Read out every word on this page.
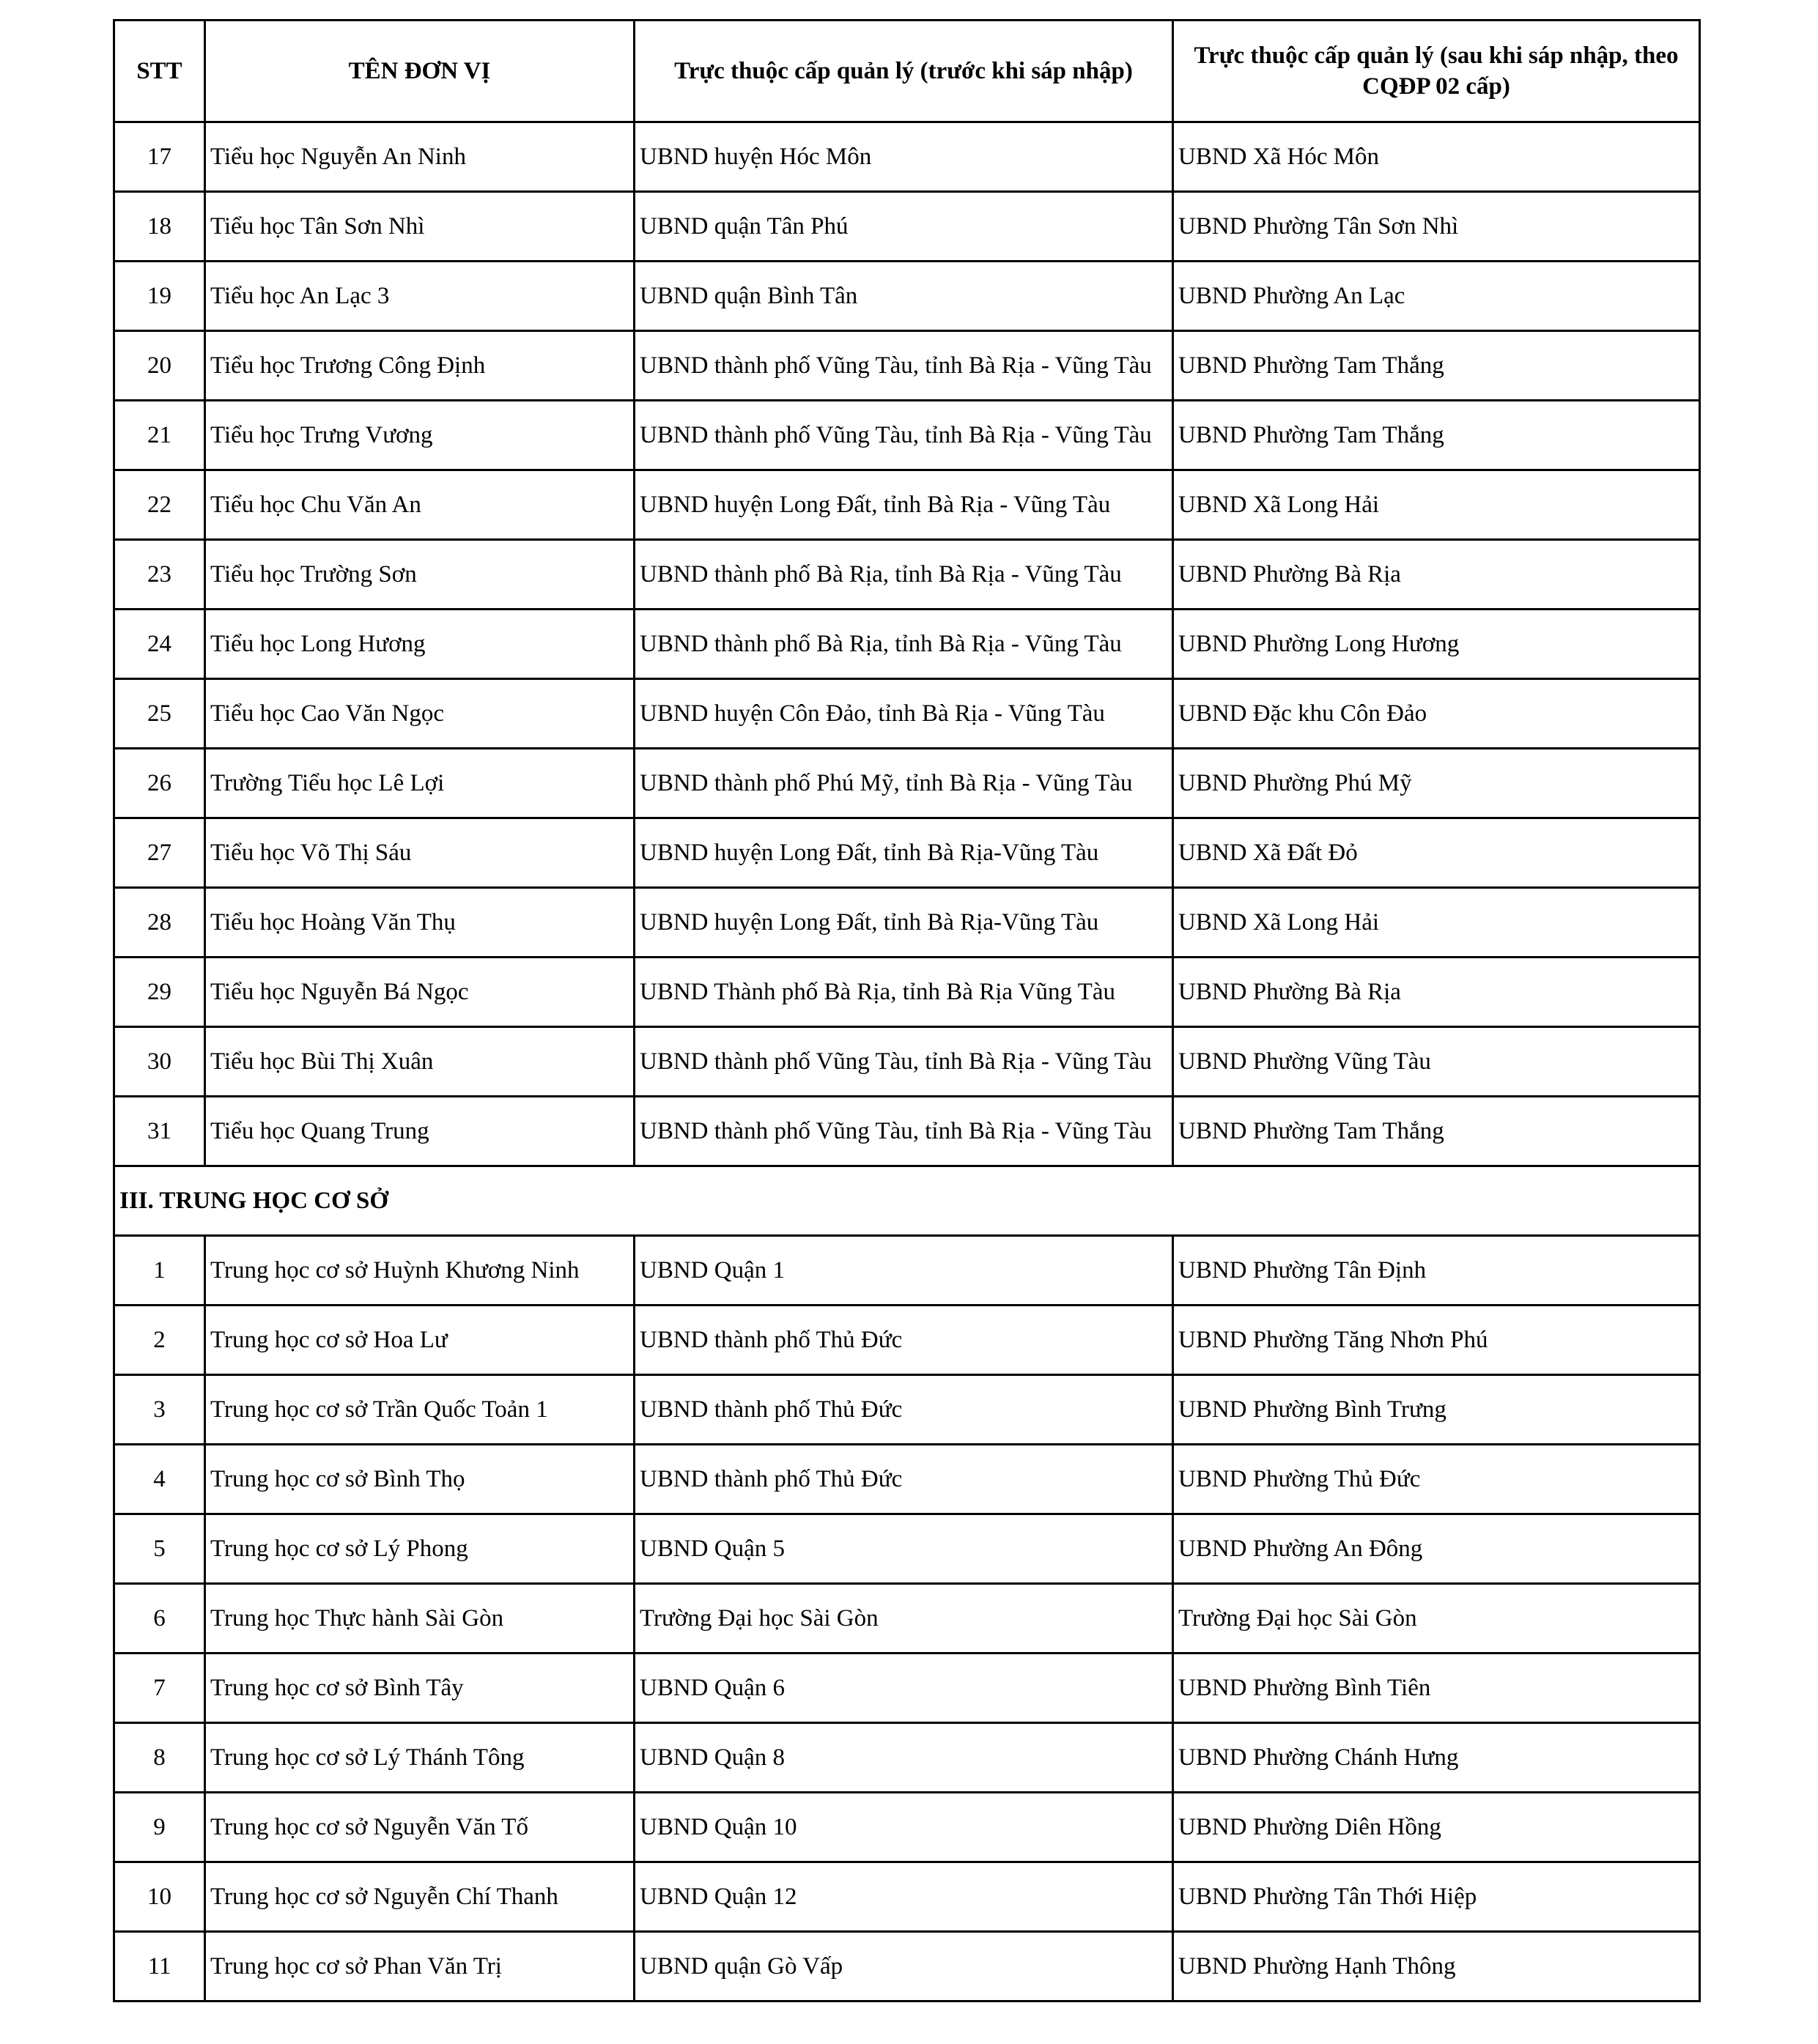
STT	TÊN ĐƠN VỊ	Trực thuộc cấp quản lý (trước khi sáp nhập)	Trực thuộc cấp quản lý (sau khi sáp nhập, theo CQĐP 02 cấp)
17	Tiểu học Nguyễn An Ninh	UBND huyện Hóc Môn	UBND Xã Hóc Môn
18	Tiểu học Tân Sơn Nhì	UBND quận Tân Phú	UBND Phường Tân Sơn Nhì
19	Tiểu học An Lạc 3	UBND quận Bình Tân	UBND Phường An Lạc
20	Tiểu học Trương Công Định	UBND thành phố Vũng Tàu, tỉnh Bà Rịa - Vũng Tàu	UBND Phường Tam Thắng
21	Tiểu học Trưng Vương	UBND thành phố Vũng Tàu, tỉnh Bà Rịa - Vũng Tàu	UBND Phường Tam Thắng
22	Tiểu học Chu Văn An	UBND huyện Long Đất, tỉnh Bà Rịa - Vũng Tàu	UBND Xã Long Hải
23	Tiểu học Trường Sơn	UBND thành phố Bà Rịa, tỉnh Bà Rịa - Vũng Tàu	UBND Phường Bà Rịa
24	Tiểu học Long Hương	UBND thành phố Bà Rịa, tỉnh Bà Rịa - Vũng Tàu	UBND Phường Long Hương
25	Tiểu học Cao Văn Ngọc	UBND huyện Côn Đảo, tỉnh Bà Rịa - Vũng Tàu	UBND Đặc khu Côn Đảo
26	Trường Tiểu học Lê Lợi	UBND thành phố Phú Mỹ, tỉnh Bà Rịa - Vũng Tàu	UBND Phường Phú Mỹ
27	Tiểu học Võ Thị Sáu	UBND huyện Long Đất, tỉnh Bà Rịa-Vũng Tàu	UBND Xã Đất Đỏ
28	Tiểu học Hoàng Văn Thụ	UBND huyện Long Đất, tỉnh Bà Rịa-Vũng Tàu	UBND Xã Long Hải
29	Tiểu học Nguyễn Bá Ngọc	UBND Thành phố Bà Rịa, tỉnh Bà Rịa Vũng Tàu	UBND Phường Bà Rịa
30	Tiểu học Bùi Thị Xuân	UBND thành phố Vũng Tàu, tỉnh Bà Rịa - Vũng Tàu	UBND Phường Vũng Tàu
31	Tiểu học Quang Trung	UBND thành phố Vũng Tàu, tỉnh Bà Rịa - Vũng Tàu	UBND Phường Tam Thắng
III. TRUNG HỌC CƠ SỞ			
1	Trung học cơ sở Huỳnh Khương Ninh	UBND Quận 1	UBND Phường Tân Định
2	Trung học cơ sở Hoa Lư	UBND thành phố Thủ Đức	UBND Phường Tăng Nhơn Phú
3	Trung học cơ sở Trần Quốc Toản 1	UBND thành phố Thủ Đức	UBND Phường Bình Trưng
4	Trung học cơ sở Bình Thọ	UBND thành phố Thủ Đức	UBND Phường Thủ Đức
5	Trung học cơ sở Lý Phong	UBND Quận 5	UBND Phường An Đông
6	Trung học Thực hành Sài Gòn	Trường Đại học Sài Gòn	Trường Đại học Sài Gòn
7	Trung học cơ sở Bình Tây	UBND Quận 6	UBND Phường Bình Tiên
8	Trung học cơ sở Lý Thánh Tông	UBND Quận 8	UBND Phường Chánh Hưng
9	Trung học cơ sở Nguyễn Văn Tố	UBND Quận 10	UBND Phường Diên Hồng
10	Trung học cơ sở Nguyễn Chí Thanh	UBND Quận 12	UBND Phường Tân Thới Hiệp
11	Trung học cơ sở Phan Văn Trị	UBND quận Gò Vấp	UBND Phường Hạnh Thông
